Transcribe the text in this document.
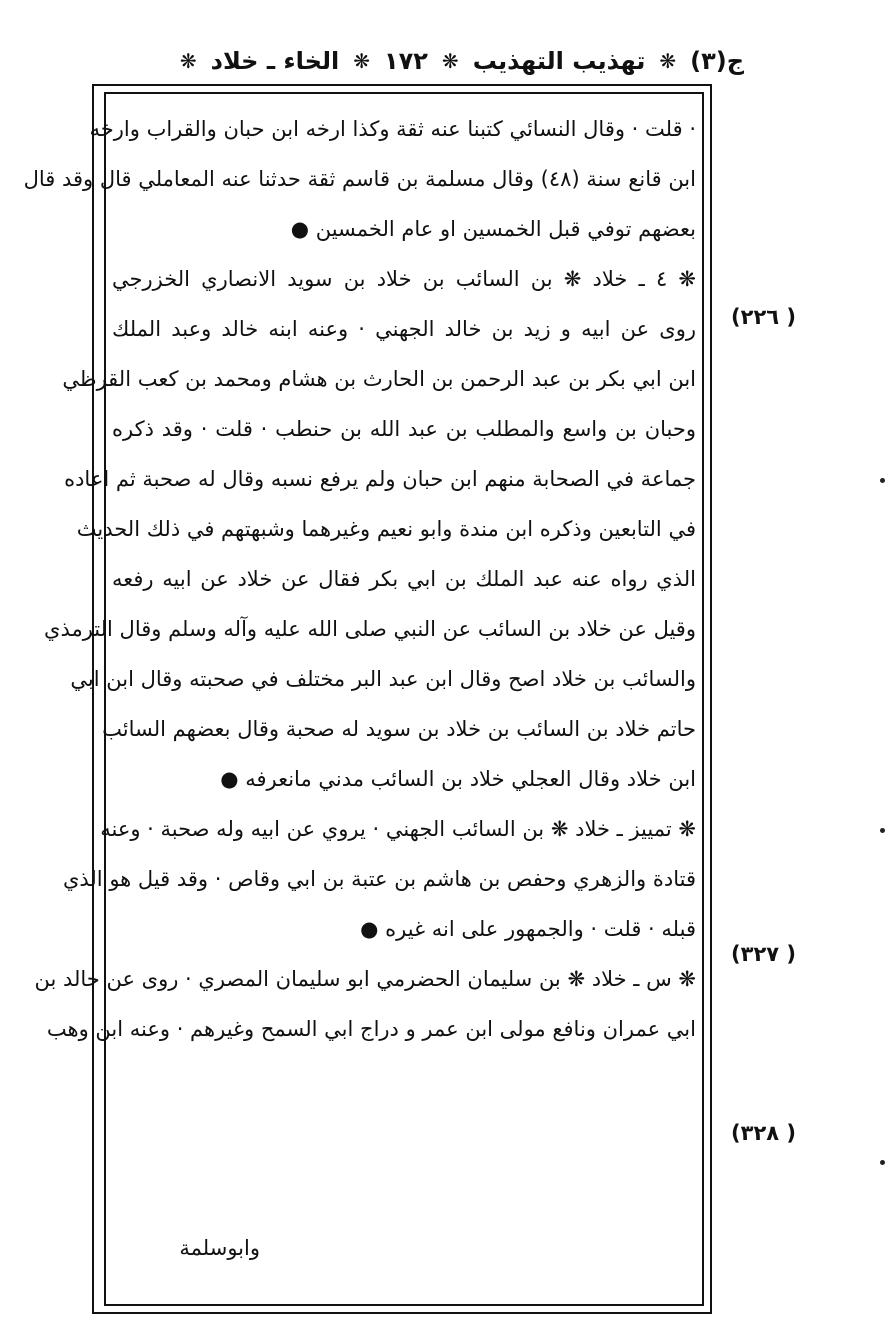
ج(٣)
❋
تهذيب التهذيب
❋
١٧٢
❋
الخاء ـ خلاد
❋
( ٢٢٦)
( ٣٢٧)
( ٣٢٨)
· قلت · وقال النسائي كتبنا عنه ثقة وكذا ارخه ابن حبان والقراب وارخه
ابن قانع سنة (٤٨) وقال مسلمة بن قاسم ثقة حدثنا عنه المعاملي قال وقد قال
بعضهم توفي قبل الخمسين او عام الخمسين ●
❋ ٤ ـ خلاد ❋ بن السائب بن خلاد بن سويد الانصاري الخزرجي
روى عن ابيه و زيد بن خالد الجهني · وعنه ابنه خالد وعبد الملك
ابن ابي بكر بن عبد الرحمن بن الحارث بن هشام ومحمد بن كعب القرظي
وحبان بن واسع والمطلب بن عبد الله بن حنطب · قلت · وقد ذكره
جماعة في الصحابة منهم ابن حبان ولم يرفع نسبه وقال له صحبة ثم اعاده
في التابعين وذكره ابن مندة وابو نعيم وغيرهما وشبهتهم في ذلك الحديث
الذي رواه عنه عبد الملك بن ابي بكر فقال عن خلاد عن ابيه رفعه
وقيل عن خلاد بن السائب عن النبي صلى الله عليه وآله وسلم وقال الترمذي
والسائب بن خلاد اصح وقال ابن عبد البر مختلف في صحبته وقال ابن ابي
حاتم خلاد بن السائب بن خلاد بن سويد له صحبة وقال بعضهم السائب
ابن خلاد وقال العجلي خلاد بن السائب مدني مانعرفه ●
❋ تمييز ـ خلاد ❋ بن السائب الجهني · يروي عن ابيه وله صحبة · وعنه
قتادة والزهري وحفص بن هاشم بن عتبة بن ابي وقاص · وقد قيل هو الذي
قبله · قلت · والجمهور على انه غيره ●
❋ س ـ خلاد ❋ بن سليمان الحضرمي ابو سليمان المصري · روى عن خالد بن
ابي عمران ونافع مولى ابن عمر و دراج ابي السمح وغيرهم · وعنه ابن وهب
وابوسلمة
